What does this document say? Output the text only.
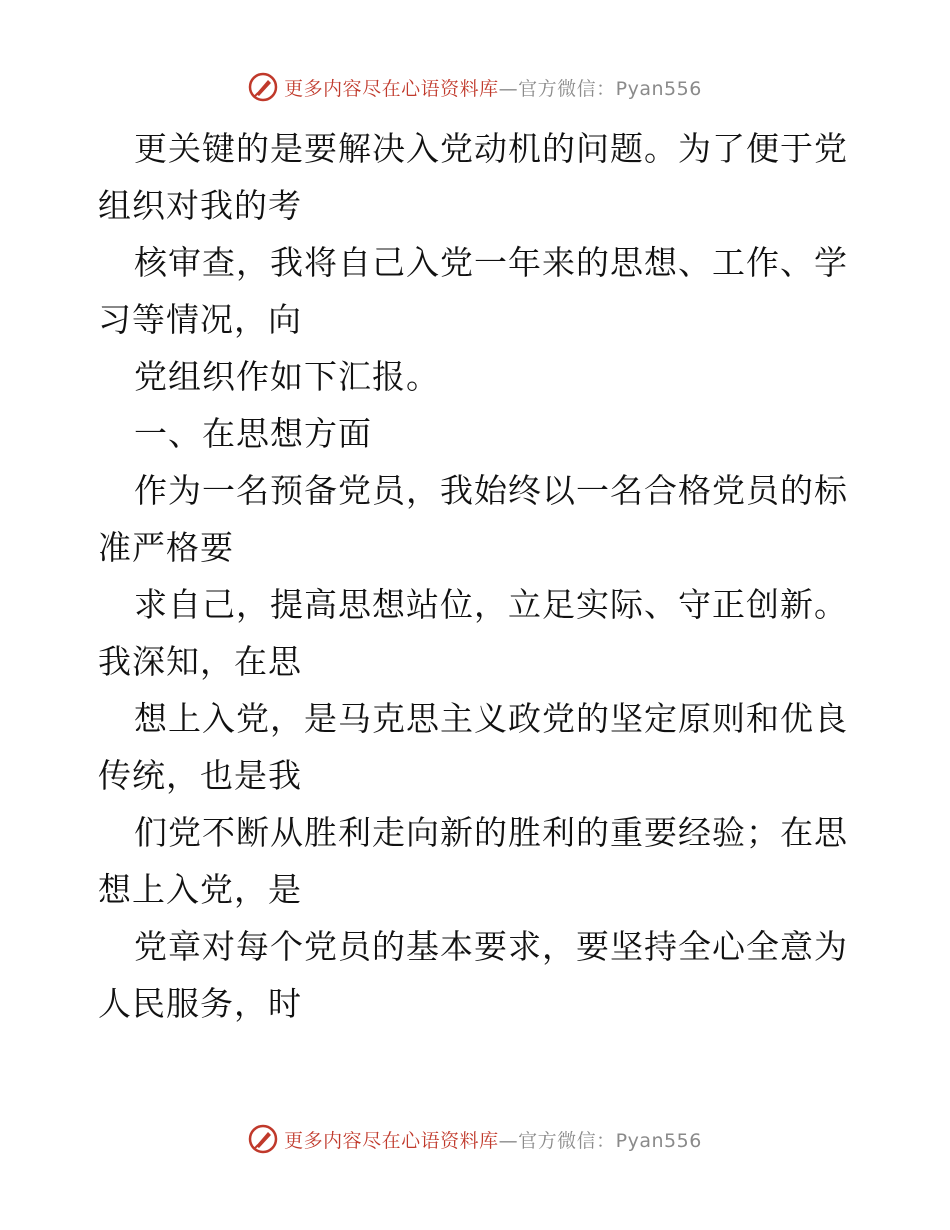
更多内容尽在心语资料库—官方微信：Pyan556

更关键的是要解决入党动机的问题。为了便于党

组织对我的考

核审查，我将自己入党一年来的思想、工作、学

习等情况，向

党组织作如下汇报。

一、在思想方面

作为一名预备党员，我始终以一名合格党员的标

准严格要

求自己，提高思想站位，立足实际、守正创新。

我深知，在思

想上入党，是马克思主义政党的坚定原则和优良

传统，也是我

们党不断从胜利走向新的胜利的重要经验；在思

想上入党，是

党章对每个党员的基本要求，要坚持全心全意为

人民服务，时

更多内容尽在心语资料库—官方微信：Pyan556
